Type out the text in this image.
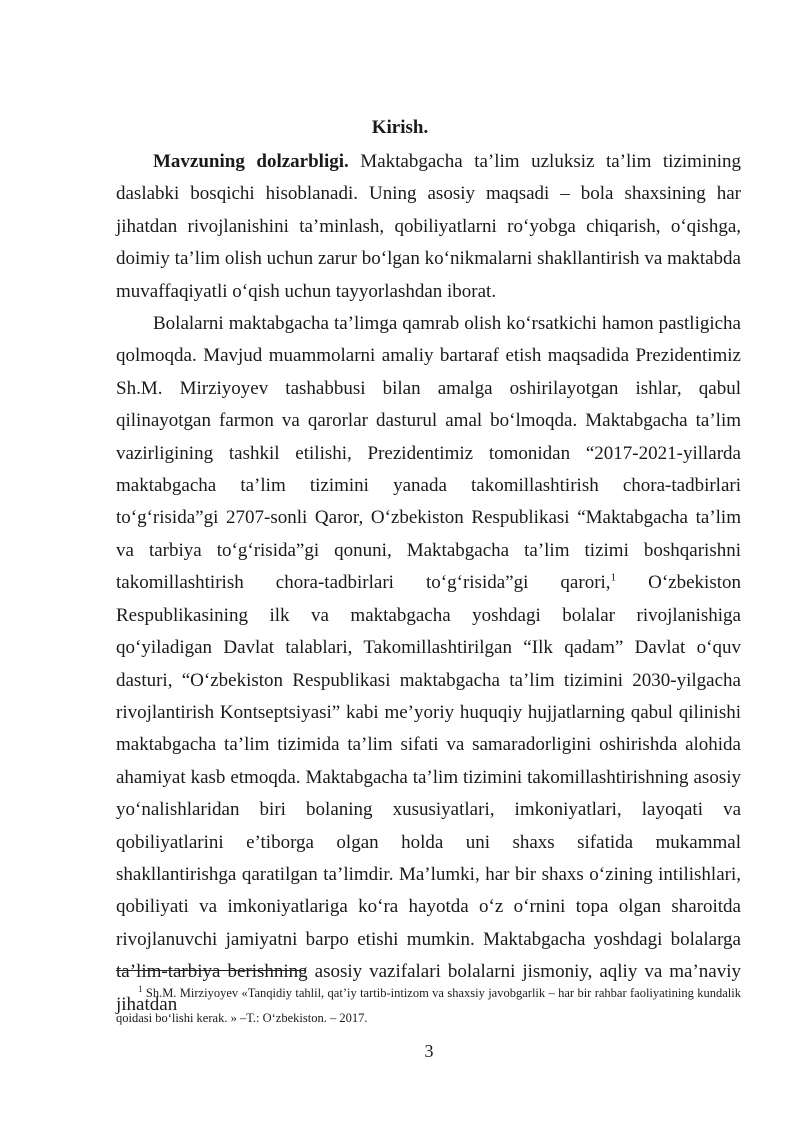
Kirish.

Mavzuning dolzarbligi. Maktabgacha ta’lim uzluksiz ta’lim tizimining daslabki bosqichi hisoblanadi. Uning asosiy maqsadi – bola shaxsining har jihatdan rivojlanishini ta’minlash, qobiliyatlarni ro‘yobga chiqarish, o‘qishga, doimiy ta’lim olish uchun zarur bo‘lgan ko‘nikmalarni shakllantirish va maktabda muvaffaqiyatli o‘qish uchun tayyorlashdan iborat.

Bolalarni maktabgacha ta’limga qamrab olish ko‘rsatkichi hamon pastligicha qolmoqda. Mavjud muammolarni amaliy bartaraf etish maqsadida Prezidentimiz Sh.M. Mirziyoyev tashabbusi bilan amalga oshirilayotgan ishlar, qabul qilinayotgan farmon va qarorlar dasturul amal bo‘lmoqda. Maktabgacha ta’lim vazirligining tashkil etilishi, Prezidentimiz tomonidan “2017-2021-yillarda maktabgacha ta’lim tizimini yanada takomillashtirish chora-tadbirlari to‘g‘risida”gi 2707-sonli Qaror, O‘zbekiston Respublikasi “Maktabgacha ta’lim va tarbiya to‘g‘risida”gi qonuni, Maktabgacha ta’lim tizimi boshqarishni takomillashtirish chora-tadbirlari to‘g‘risida”gi qarori,$^1$ O‘zbekiston Respublikasining ilk va maktabgacha yoshdagi bolalar rivojlanishiga qo‘yiladigan Davlat talablari, Takomillashtirilgan “Ilk qadam” Davlat o‘quv dasturi, “O‘zbekiston Respublikasi maktabgacha ta’lim tizimini 2030-yilgacha rivojlantirish Kontseptsiyasi” kabi me’yoriy huquqiy hujjatlarning qabul qilinishi maktabgacha ta’lim tizimida ta’lim sifati va samaradorligini oshirishda alohida ahamiyat kasb etmoqda. Maktabgacha ta’lim tizimini takomillashtirishning asosiy yo‘nalishlaridan biri bolaning xususiyatlari, imkoniyatlari, layoqati va qobiliyatlarini e’tiborga olgan holda uni shaxs sifatida mukammal shakllantirishga qaratilgan ta’limdir. Ma’lumki, har bir shaxs o‘zining intilishlari, qobiliyati va imkoniyatlariga ko‘ra hayotda o‘z o‘rnini topa olgan sharoitda rivojlanuvchi jamiyatni barpo etishi mumkin. Maktabgacha yoshdagi bolalarga ta’lim-tarbiya berishning asosiy vazifalari bolalarni jismoniy, aqliy va ma’naviy jihatdan

$^1$ Sh.M. Mirziyoyev «Tanqidiy tahlil, qat’iy tartib-intizom va shaxsiy javobgarlik – har bir rahbar faoliyatining kundalik qoidasi bo‘lishi kerak. » –T.: O‘zbekiston. – 2017.

3
